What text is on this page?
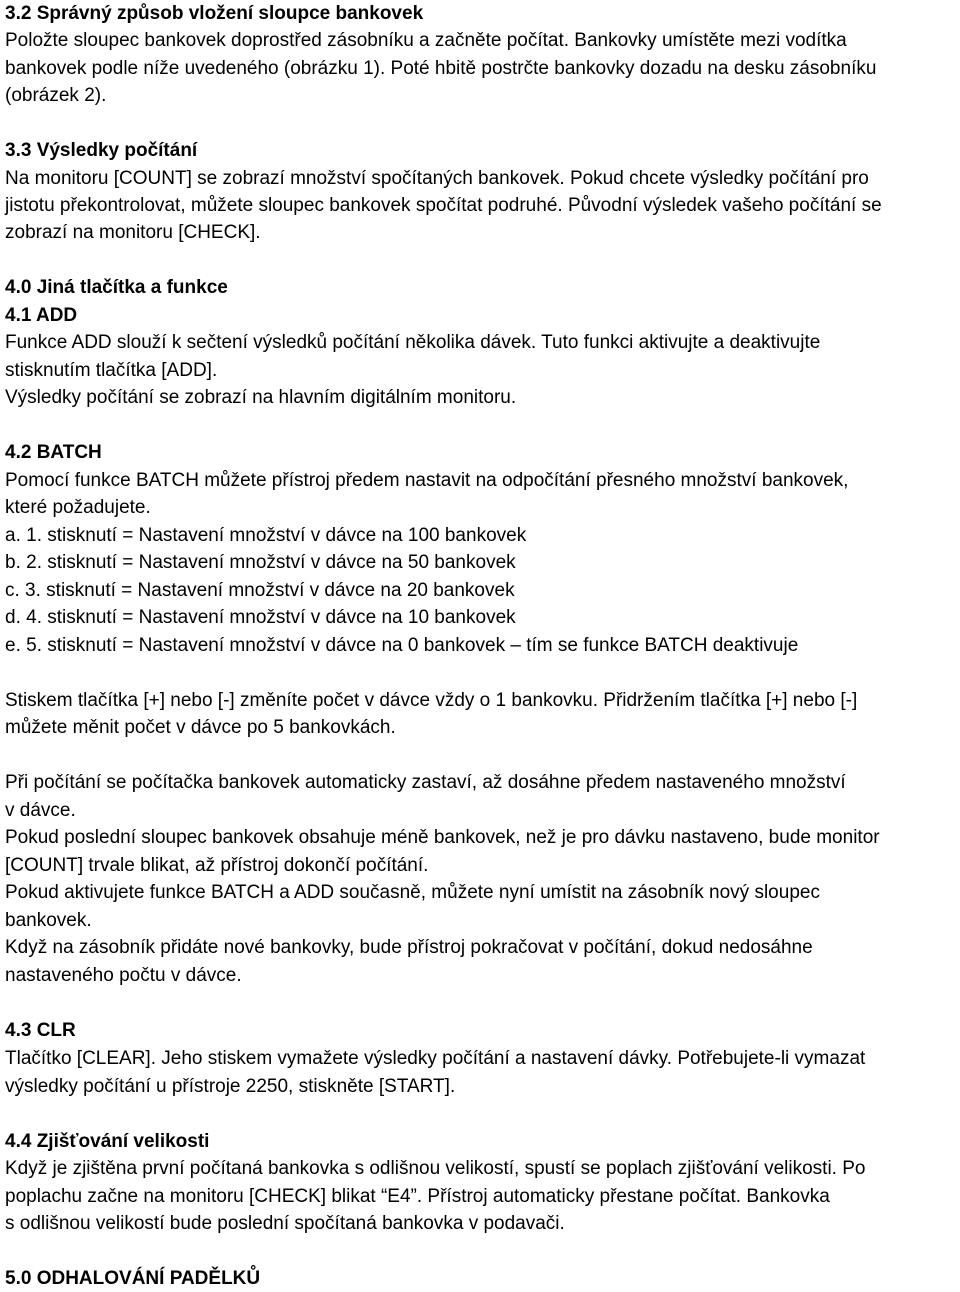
3.2 Správný způsob vložení sloupce bankovek
Položte sloupec bankovek doprostřed zásobníku a začněte počítat. Bankovky umístěte mezi vodítka
bankovek podle níže uvedeného (obrázku 1). Poté hbitě postrčte bankovky dozadu na desku zásobníku
(obrázek 2).
3.3 Výsledky počítání
Na monitoru [COUNT] se zobrazí množství spočítaných bankovek. Pokud chcete výsledky počítání pro
jistotu překontrolovat, můžete sloupec bankovek spočítat podruhé. Původní výsledek vašeho počítání se
zobrazí na monitoru [CHECK].
4.0 Jiná tlačítka a funkce
4.1 ADD
Funkce ADD slouží k sečtení výsledků počítání několika dávek. Tuto funkci aktivujte a deaktivujte
stisknutím tlačítka [ADD].
Výsledky počítání se zobrazí na hlavním digitálním monitoru.
4.2 BATCH
Pomocí funkce BATCH můžete přístroj předem nastavit na odpočítání přesného množství bankovek,
které požadujete.
a. 1. stisknutí = Nastavení množství v dávce na 100 bankovek
b. 2. stisknutí = Nastavení množství v dávce na 50 bankovek
c. 3. stisknutí = Nastavení množství v dávce na 20 bankovek
d. 4. stisknutí = Nastavení množství v dávce na 10 bankovek
e. 5. stisknutí = Nastavení množství v dávce na 0 bankovek – tím se funkce BATCH deaktivuje
Stiskem tlačítka [+] nebo [-] změníte počet v dávce vždy o 1 bankovku. Přidržením tlačítka [+] nebo [-]
můžete měnit počet v dávce po 5 bankovkách.
Při počítání se počítačka bankovek automaticky zastaví, až dosáhne předem nastaveného množství
v dávce.
Pokud poslední sloupec bankovek obsahuje méně bankovek, než je pro dávku nastaveno, bude monitor
[COUNT] trvale blikat, až přístroj dokončí počítání.
Pokud aktivujete funkce BATCH a ADD současně, můžete nyní umístit na zásobník nový sloupec
bankovek.
Když na zásobník přidáte nové bankovky, bude přístroj pokračovat v počítání, dokud nedosáhne
nastaveného počtu v dávce.
4.3 CLR
Tlačítko [CLEAR]. Jeho stiskem vymažete výsledky počítání a nastavení dávky. Potřebujete-li vymazat
výsledky počítání u přístroje 2250, stiskněte [START].
4.4 Zjišťování velikosti
Když je zjištěna první počítaná bankovka s odlišnou velikostí, spustí se poplach zjišťování velikosti. Po
poplachu začne na monitoru [CHECK] blikat “E4”. Přístroj automaticky přestane počítat. Bankovka
s odlišnou velikostí bude poslední spočítaná bankovka v podavači.
5.0 ODHALOVÁNÍ PADĚLKŮ
